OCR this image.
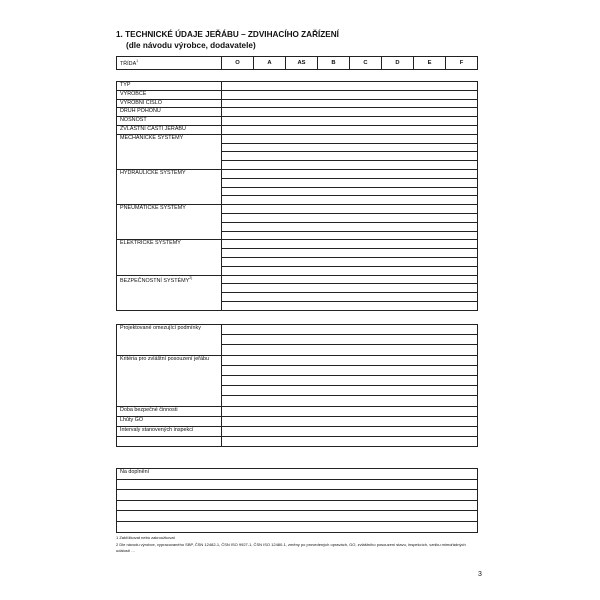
1. TECHNICKÉ ÚDAJE JEŘÁBU – ZDVIHACÍHO ZAŘÍZENÍ
(dle návodu výrobce, dodavatele)
TŘÍDA$^1$	O	A	AS	B	C	D	E	F
TYP	
VÝROBCE	
VÝROBNÍ ČÍSLO	
DRUH POHONU	
NOSNOST	
ZVLÁŠTNÍ ČÁSTI JEŘÁBU	
MECHANICKÉ SYSTÉMY	

HYDRAULICKÉ SYSTÉMY	

PNEUMATICKÉ SYSTÉMY	

ELEKTRICKÉ SYSTÉMY	

BEZPEČNOSTNÍ SYSTÉMY$^{2)}$	

Projektované omezující podmínky	

Kritéria pro zvláštní posouzení jeřábu	

Doba bezpečné činnosti	
Lhůty GO	
Intervaly stanovených inspekcí	

Na doplnění

1 Zakřížkovat nebo zakroužkovat
2 Dle návodu výrobce, vypracovaného SBP, ČSN 12482-1, ČSN ISO 9927-1, ČSN ISO 12480-1, změny po provedených opravách, GO, zvláštního posouzení stavu, inspekcích, vzniku mimořádných událostí …
3
